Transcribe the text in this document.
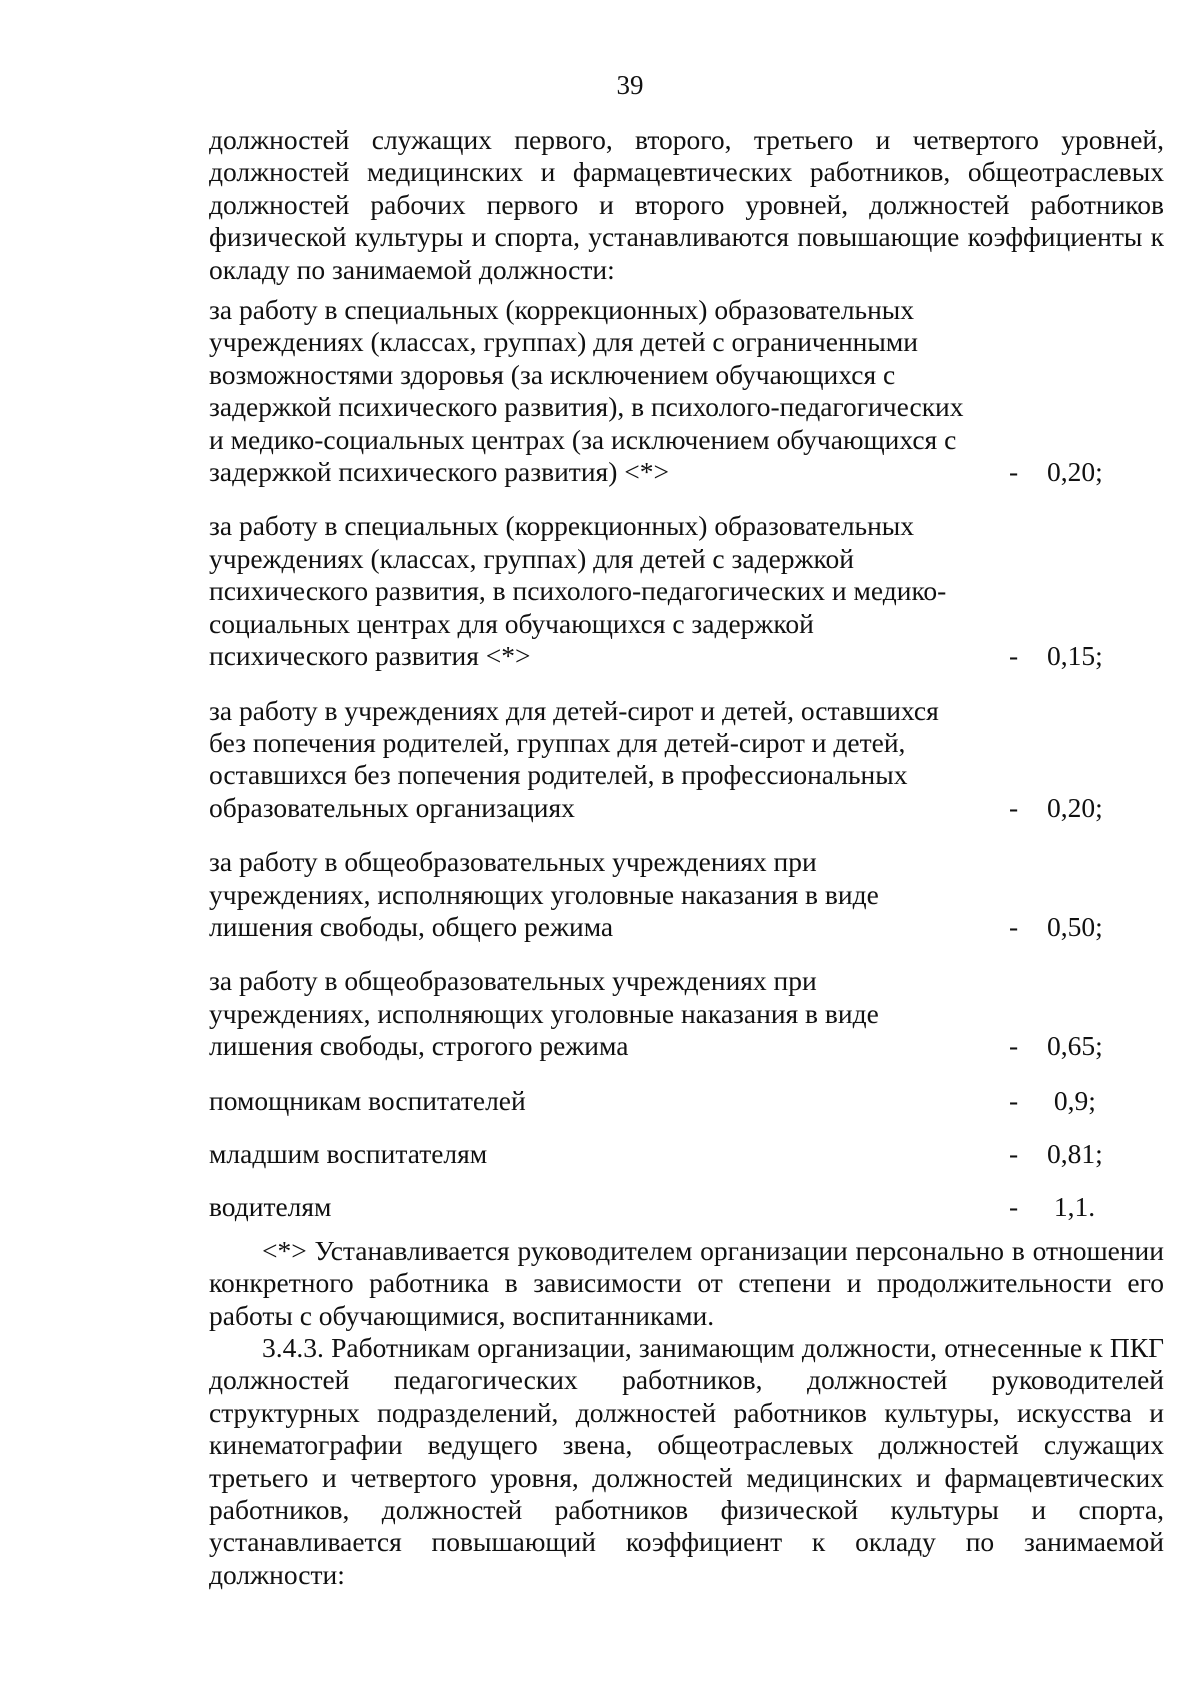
39

должностей служащих первого, второго, третьего и четвертого уровней, должностей медицинских и фармацевтических работников, общеотраслевых должностей рабочих первого и второго уровней, должностей работников физической культуры и спорта, устанавливаются повышающие коэффициенты к окладу по занимаемой должности:

за работу в специальных (коррекционных) образовательных
учреждениях (классах, группах) для детей с ограниченными
возможностями здоровья (за исключением обучающихся с
задержкой психического развития), в психолого-педагогических
и медико-социальных центрах (за исключением обучающихся с
задержкой психического развития) <*>	-	0,20;
за работу в специальных (коррекционных) образовательных
учреждениях (классах, группах) для детей с задержкой
психического развития, в психолого-педагогических и медико-
социальных центрах для обучающихся с задержкой
психического развития <*>	-	0,15;
за работу в учреждениях для детей-сирот и детей, оставшихся
без попечения родителей, группах для детей-сирот и детей,
оставшихся без попечения родителей, в профессиональных
образовательных организациях	-	0,20;
за работу в общеобразовательных учреждениях при
учреждениях, исполняющих уголовные наказания в виде
лишения свободы, общего режима	-	0,50;
за работу в общеобразовательных учреждениях при
учреждениях, исполняющих уголовные наказания в виде
лишения свободы, строгого режима	-	0,65;
помощникам воспитателей	-	0,9;
младшим воспитателям	-	0,81;
водителям	-	1,1.

<*> Устанавливается руководителем организации персонально в отношении конкретного работника в зависимости от степени и продолжительности его работы с обучающимися, воспитанниками.

3.4.3. Работникам организации, занимающим должности, отнесенные к ПКГ должностей педагогических работников, должностей руководителей структурных подразделений, должностей работников культуры, искусства и кинематографии ведущего звена, общеотраслевых должностей служащих третьего и четвертого уровня, должностей медицинских и фармацевтических работников, должностей работников физической культуры и спорта, устанавливается повышающий коэффициент к окладу по занимаемой должности:
